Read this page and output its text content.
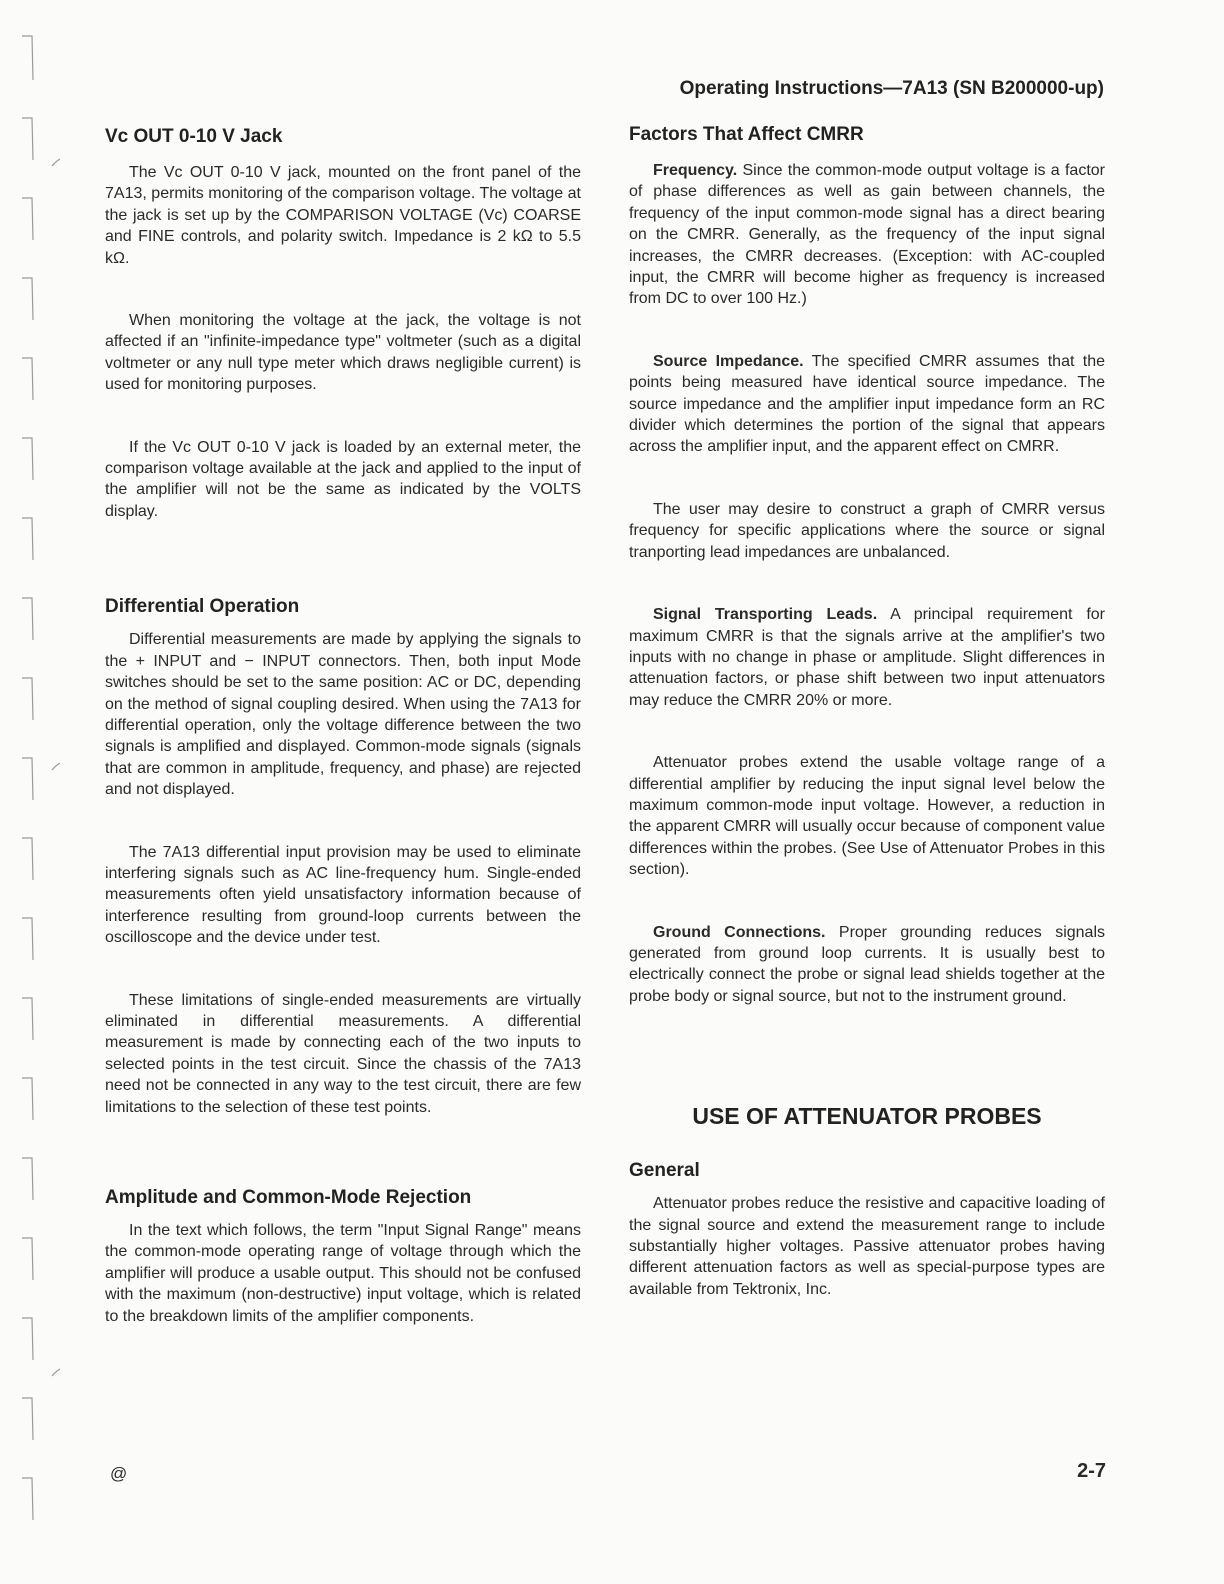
Operating Instructions—7A13 (SN B200000-up)
Vc OUT 0-10 V Jack

The Vc OUT 0-10 V jack, mounted on the front panel of the 7A13, permits monitoring of the comparison voltage. The voltage at the jack is set up by the COMPARISON VOLTAGE (Vc) COARSE and FINE controls, and polarity switch. Impedance is 2 kΩ to 5.5 kΩ.

When monitoring the voltage at the jack, the voltage is not affected if an "infinite-impedance type" voltmeter (such as a digital voltmeter or any null type meter which draws negligible current) is used for monitoring purposes.

If the Vc OUT 0-10 V jack is loaded by an external meter, the comparison voltage available at the jack and applied to the input of the amplifier will not be the same as indicated by the VOLTS display.

Differential Operation

Differential measurements are made by applying the signals to the + INPUT and − INPUT connectors. Then, both input Mode switches should be set to the same position: AC or DC, depending on the method of signal coupling desired. When using the 7A13 for differential operation, only the voltage difference between the two signals is amplified and displayed. Common-mode signals (signals that are common in amplitude, frequency, and phase) are rejected and not displayed.

The 7A13 differential input provision may be used to eliminate interfering signals such as AC line-frequency hum. Single-ended measurements often yield unsatisfactory information because of interference resulting from ground-loop currents between the oscilloscope and the device under test.

These limitations of single-ended measurements are virtually eliminated in differential measurements. A differential measurement is made by connecting each of the two inputs to selected points in the test circuit. Since the chassis of the 7A13 need not be connected in any way to the test circuit, there are few limitations to the selection of these test points.

Amplitude and Common-Mode Rejection

In the text which follows, the term "Input Signal Range" means the common-mode operating range of voltage through which the amplifier will produce a usable output. This should not be confused with the maximum (non-destructive) input voltage, which is related to the breakdown limits of the amplifier components.

Factors That Affect CMRR

Frequency. Since the common-mode output voltage is a factor of phase differences as well as gain between channels, the frequency of the input common-mode signal has a direct bearing on the CMRR. Generally, as the frequency of the input signal increases, the CMRR decreases. (Exception: with AC-coupled input, the CMRR will become higher as frequency is increased from DC to over 100 Hz.)

Source Impedance. The specified CMRR assumes that the points being measured have identical source impedance. The source impedance and the amplifier input impedance form an RC divider which determines the portion of the signal that appears across the amplifier input, and the apparent effect on CMRR.

The user may desire to construct a graph of CMRR versus frequency for specific applications where the source or signal tranporting lead impedances are unbalanced.

Signal Transporting Leads. A principal requirement for maximum CMRR is that the signals arrive at the amplifier's two inputs with no change in phase or amplitude. Slight differences in attenuation factors, or phase shift between two input attenuators may reduce the CMRR 20% or more.

Attenuator probes extend the usable voltage range of a differential amplifier by reducing the input signal level below the maximum common-mode input voltage. However, a reduction in the apparent CMRR will usually occur because of component value differences within the probes. (See Use of Attenuator Probes in this section).

Ground Connections. Proper grounding reduces signals generated from ground loop currents. It is usually best to electrically connect the probe or signal lead shields together at the probe body or signal source, but not to the instrument ground.

USE OF ATTENUATOR PROBES
General

Attenuator probes reduce the resistive and capacitive loading of the signal source and extend the measurement range to include substantially higher voltages. Passive attenuator probes having different attenuation factors as well as special-purpose types are available from Tektronix, Inc.

@	2-7
